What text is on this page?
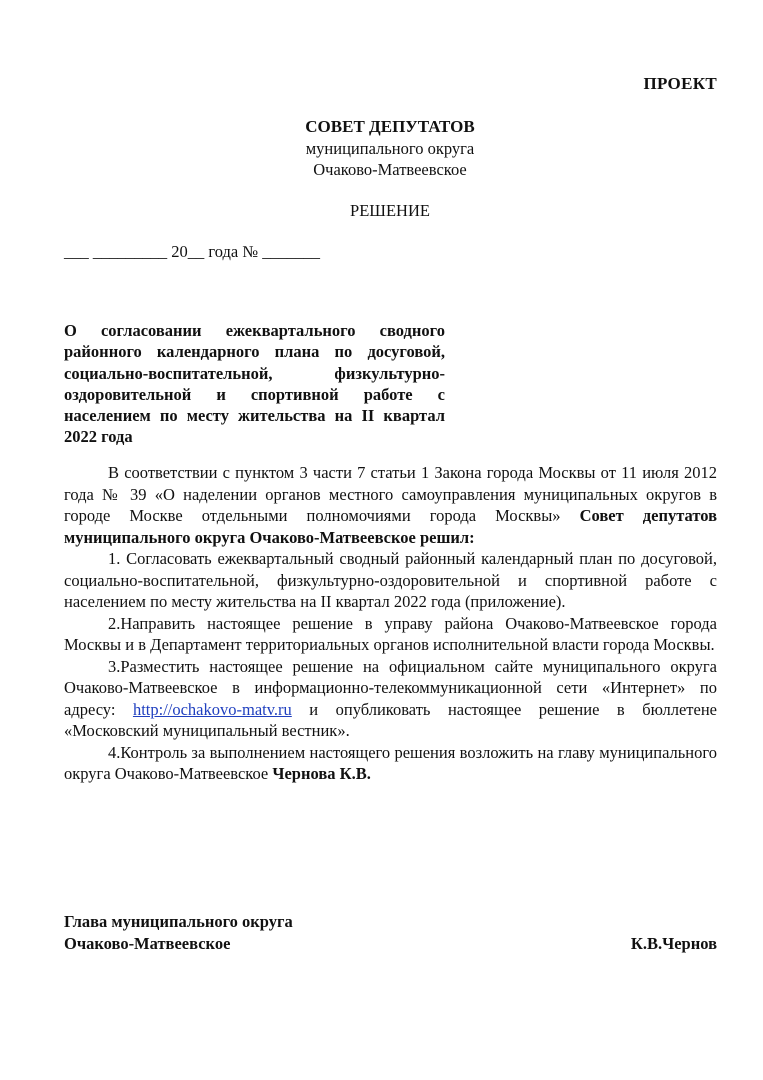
ПРОЕКТ
СОВЕТ ДЕПУТАТОВ
муниципального округа
Очаково-Матвеевское
РЕШЕНИЕ
___ _________ 20__ года № _______
О согласовании ежеквартального сводного районного календарного плана по досуговой, социально-воспитательной, физкультурно-оздоровительной и спортивной работе с населением по месту жительства на II квартал 2022 года

В соответствии с пунктом 3 части 7 статьи 1 Закона города Москвы от 11 июля 2012 года № 39 «О наделении органов местного самоуправления муниципальных округов в городе Москве отдельными полномочиями города Москвы» Совет депутатов муниципального округа Очаково-Матвеевское решил:

1. Согласовать ежеквартальный сводный районный календарный план по досуговой, социально-воспитательной, физкультурно-оздоровительной и спортивной работе с населением по месту жительства на II квартал 2022 года (приложение).

2.Направить настоящее решение в управу района Очаково-Матвеевское города Москвы и в Департамент территориальных органов исполнительной власти города Москвы.

3.Разместить настоящее решение на официальном сайте муниципального округа Очаково-Матвеевское в информационно-телекоммуникационной сети «Интернет» по адресу: http://ochakovo-matv.ru и опубликовать настоящее решение в бюллетене «Московский муниципальный вестник».

4.Контроль за выполнением настоящего решения возложить на главу муниципального округа Очаково-Матвеевское Чернова К.В.

Глава муниципального округа
Очаково-Матвеевское	К.В.Чернов
